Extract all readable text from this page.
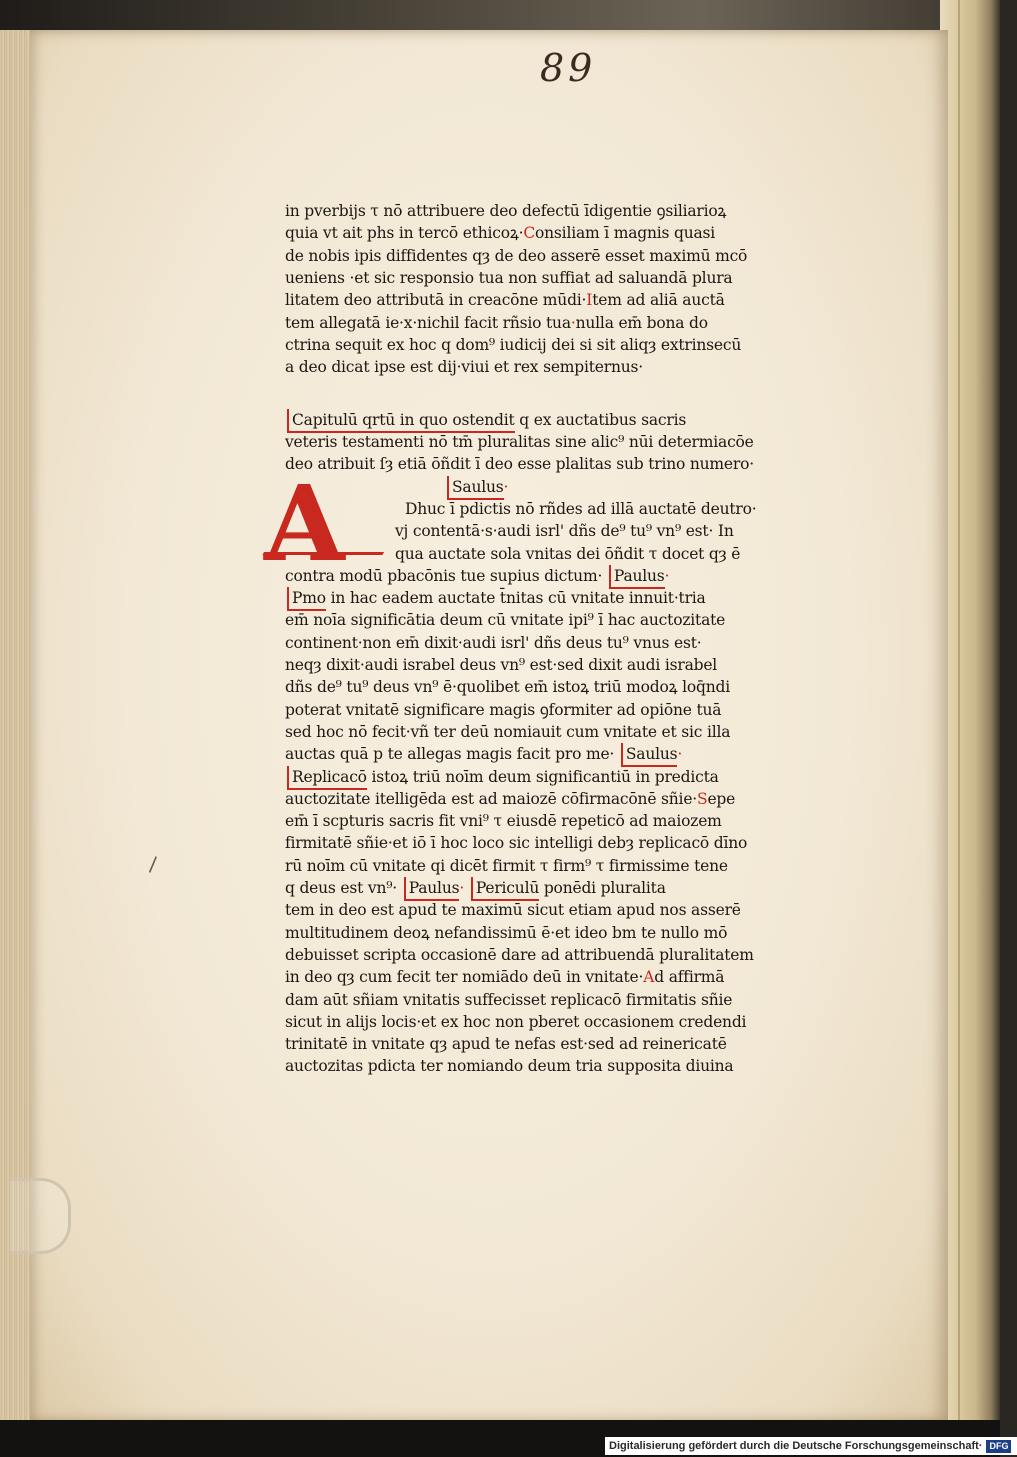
89
A
in pverbijs τ nō attribuere deo defectū īdigentie ꝯsiliarioꝝ
quia vt ait phs in tercō ethicoꝝ·Consiliam ī magnis quasi
de nobis ipis diffidentes qȝ de deo asserē esset maximū mcō
ueniens ·et sic responsio tua non suffiat ad saluandā plura
litatem deo attributā in creacōne mūdi·Item ad aliā auctā
tem allegatā ie·x·nichil facit rñsio tua·nulla em̄ bona do
ctrina sequit ex hoc q dom⁹ iudicij dei si sit aliqȝ extrinsecū
a deo dicat ipse est dij·viui et rex sempiternus·
Capitulū qrtū in quo ostendit q ex auctatibus sacris
veteris testamenti nō tm̄ pluralitas sine alic⁹ nūi determiacōe
deo atribuit ſȝ etiā ōñdit ī deo esse plalitas sub trino numero·
Saulus·
Dhuc ī pdictis nō rñdes ad illā auctatē deutro·
vj contentā·s·audi isrl' dñs de⁹ tu⁹ vn⁹ est· In
qua auctate sola vnitas dei ōñdit τ docet qȝ ē
contra modū pbacōnis tue supius dictum· Paulus·
Pmo in hac eadem auctate t̄nitas cū vnitate innuit·tria
em̄ noīa significātia deum cū vnitate ipi⁹ ī hac auctozitate
continent·non em̄ dixit·audi isrl' dñs deus tu⁹ vnus est·
neqȝ dixit·audi israbel deus vn⁹ est·sed dixit audi israbel
dñs de⁹ tu⁹ deus vn⁹ ē·quolibet em̄ istoꝝ triū modoꝝ loq̄ndi
poterat vnitatē significare magis ꝯformiter ad opiōne tuā
sed hoc nō fecit·vñ ter deū nomiauit cum vnitate et sic illa
auctas quā p te allegas magis facit pro me· Saulus·
Replicacō istoꝝ triū noīm deum significantiū in predicta
auctozitate itelligēda est ad maiozē cōfirmacōnē sñie·Sepe
em̄ ī scpturis sacris fit vni⁹ τ eiusdē repeticō ad maiozem
firmitatē sñie·et iō ī hoc loco sic intelligi debȝ replicacō dīno
rū noīm cū vnitate qi dicēt firmit τ firm⁹ τ firmissime tene
q deus est vn⁹· Paulus· Periculū ponēdi pluralita
tem in deo est apud te maximū sicut etiam apud nos asserē
multitudinem deoꝝ nefandissimū ē·et ideo bm te nullo mō
debuisset scripta occasionē dare ad attribuendā pluralitatem
in deo qȝ cum fecit ter nomiādo deū in vnitate·Ad affirmā
dam aūt sñiam vnitatis suffecisset replicacō firmitatis sñie
sicut in alijs locis·et ex hoc non pberet occasionem credendi
trinitatē in vnitate qȝ apud te nefas est·sed ad reinericatē
auctozitas pdicta ter nomiando deum tria supposita diuina
\
Digitalisierung gefördert durch die Deutsche Forschungsgemeinschaft· DFG
